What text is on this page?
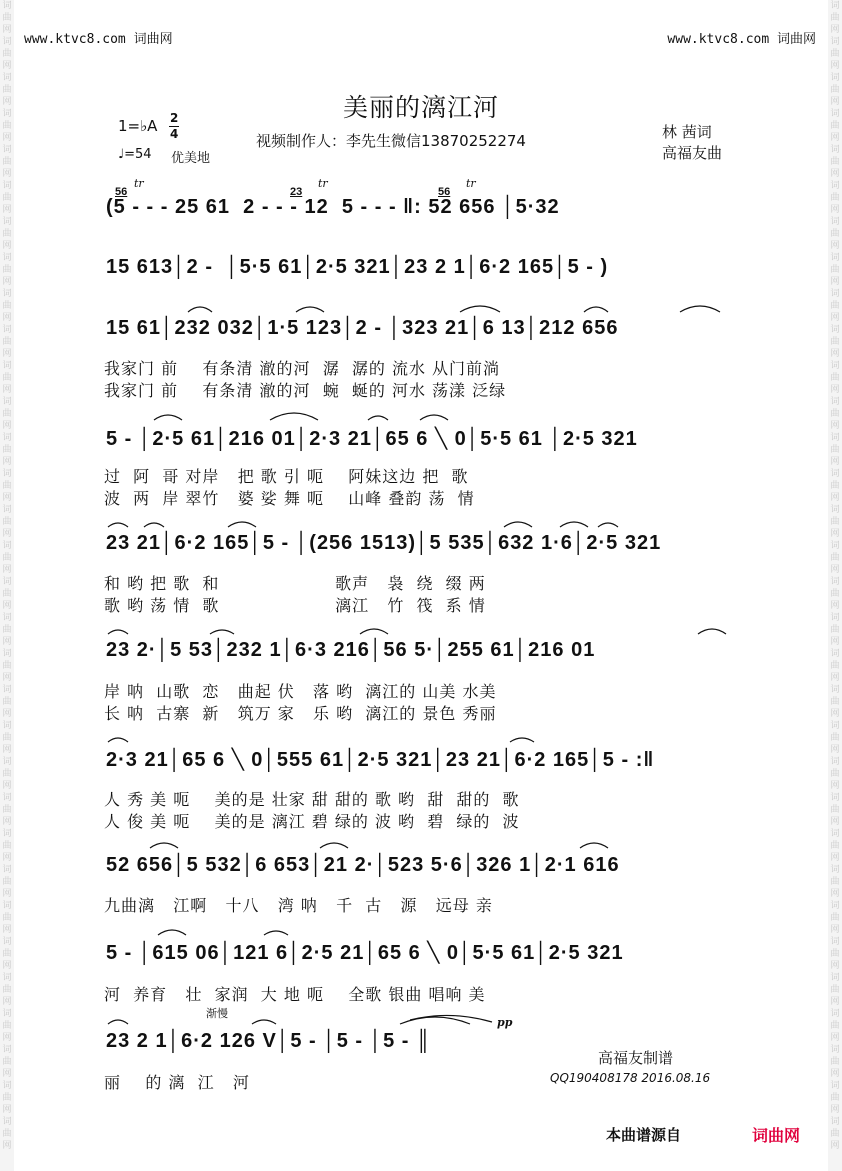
词曲网词曲网词曲网词曲网词曲网词曲网词曲网词曲网词曲网词曲网词曲网词曲网词曲网词曲网词曲网词曲网词曲网词曲网词曲网词曲网词曲网词曲网词曲网词曲网词曲网词曲网词曲网词曲网词曲网词曲网词曲网词曲网
词曲网词曲网词曲网词曲网词曲网词曲网词曲网词曲网词曲网词曲网词曲网词曲网词曲网词曲网词曲网词曲网词曲网词曲网词曲网词曲网词曲网词曲网词曲网词曲网词曲网词曲网词曲网词曲网词曲网词曲网词曲网词曲网
www.ktvc8.com 词曲网	www.ktvc8.com 词曲网
美丽的漓江河
1=♭A 2
4
♩=54 优美地
视频制作人：李先生微信13870252274	林 茜词
高福友曲
tr	tr	tr
56	23	56
(5 - - - 25 61  2 - - - 12  5 - - - ‖: 52 656 │5·32
15 613│2 -  │5·5 61│2·5 321│23 2 1│6·2 165│5 - )
15 61│232 032│1·5 123│2 - │323 21│6 13│212 656
我家门 前    有条清 澈的河  潺  潺的 流水 从门前淌
我家门 前    有条清 澈的河  蜿  蜒的 河水 荡漾 泛绿
5 - │2·5 61│216 01│2·3 21│65 6 ╲ 0│5·5 61 │2·5 321
过  阿  哥 对岸   把 歌 引 呃    阿妹这边 把  歌
波  两  岸 翠竹   婆 娑 舞 呃    山峰 叠韵 荡  情
23 21│6·2 165│5 - │(256 1513)│5 535│632 1·6│2·5 321
和 哟 把 歌  和                   歌声   袅  绕  缀 两
歌 哟 荡 情  歌                   漓江   竹  筏  系 情
23 2·│5 53│232 1│6·3 216│56 5·│255 61│216 01
岸 呐  山歌  恋   曲起 伏   落 哟  漓江的 山美 水美
长 呐  古寨  新   筑万 家   乐 哟  漓江的 景色 秀丽
2·3 21│65 6 ╲ 0│555 61│2·5 321│23 21│6·2 165│5 - :‖
人 秀 美 呃    美的是 壮家 甜 甜的 歌 哟  甜  甜的  歌
人 俊 美 呃    美的是 漓江 碧 绿的 波 哟  碧  绿的  波
52 656│5 532│6 653│21 2·│523 5·6│326 1│2·1 616
九曲漓   江啊   十八   湾 呐   千  古   源   远母 亲
5 - │615 06│121 6│2·5 21│65 6 ╲ 0│5·5 61│2·5 321
河  养育   壮  家润  大 地 呃    全歌 银曲 唱响 美
渐慢
pp
23 2 1│6·2 126 V│5 - │5 - │5 - ║
丽    的 漓  江   河
高福友制谱
QQ190408178 2016.08.16
本曲谱源自	词曲网
